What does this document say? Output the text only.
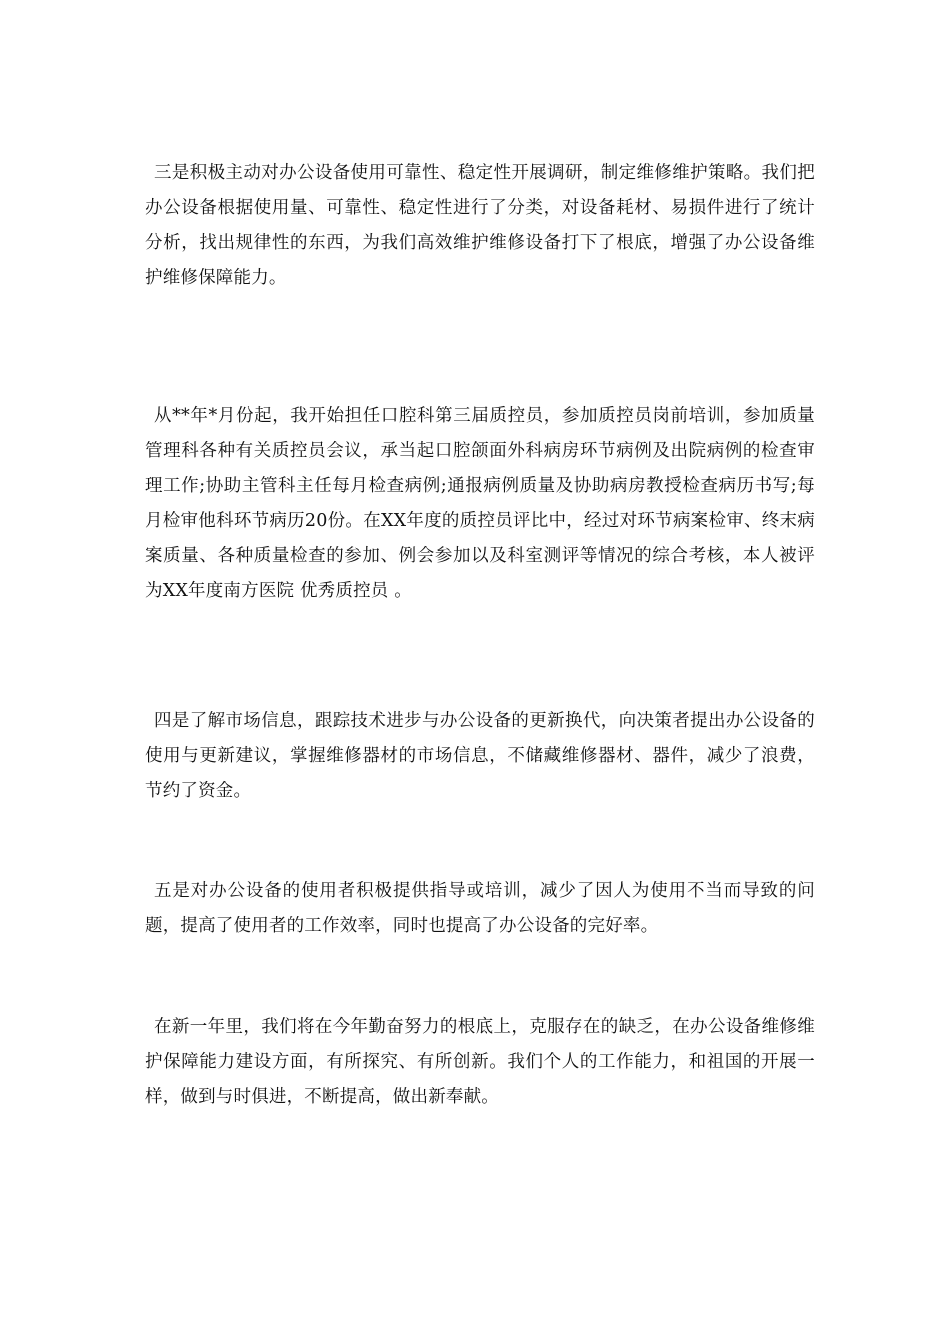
三是积极主动对办公设备使用可靠性、稳定性开展调研，制定维修维护策略。我们把办公设备根据使用量、可靠性、稳定性进行了分类，对设备耗材、易损件进行了统计分析，找出规律性的东西，为我们高效维护维修设备打下了根底，增强了办公设备维护维修保障能力。

从**年*月份起，我开始担任口腔科第三届质控员，参加质控员岗前培训，参加质量管理科各种有关质控员会议，承当起口腔颌面外科病房环节病例及出院病例的检查审理工作;协助主管科主任每月检查病例;通报病例质量及协助病房教授检查病历书写;每月检审他科环节病历20份。在XX年度的质控员评比中，经过对环节病案检审、终末病案质量、各种质量检查的参加、例会参加以及科室测评等情况的综合考核，本人被评为XX年度南方医院 优秀质控员 。

四是了解市场信息，跟踪技术进步与办公设备的更新换代，向决策者提出办公设备的使用与更新建议，掌握维修器材的市场信息，不储藏维修器材、器件，减少了浪费，节约了资金。

五是对办公设备的使用者积极提供指导或培训，减少了因人为使用不当而导致的问题，提高了使用者的工作效率，同时也提高了办公设备的完好率。

在新一年里，我们将在今年勤奋努力的根底上，克服存在的缺乏，在办公设备维修维护保障能力建设方面，有所探究、有所创新。我们个人的工作能力，和祖国的开展一样，做到与时俱进，不断提高，做出新奉献。
